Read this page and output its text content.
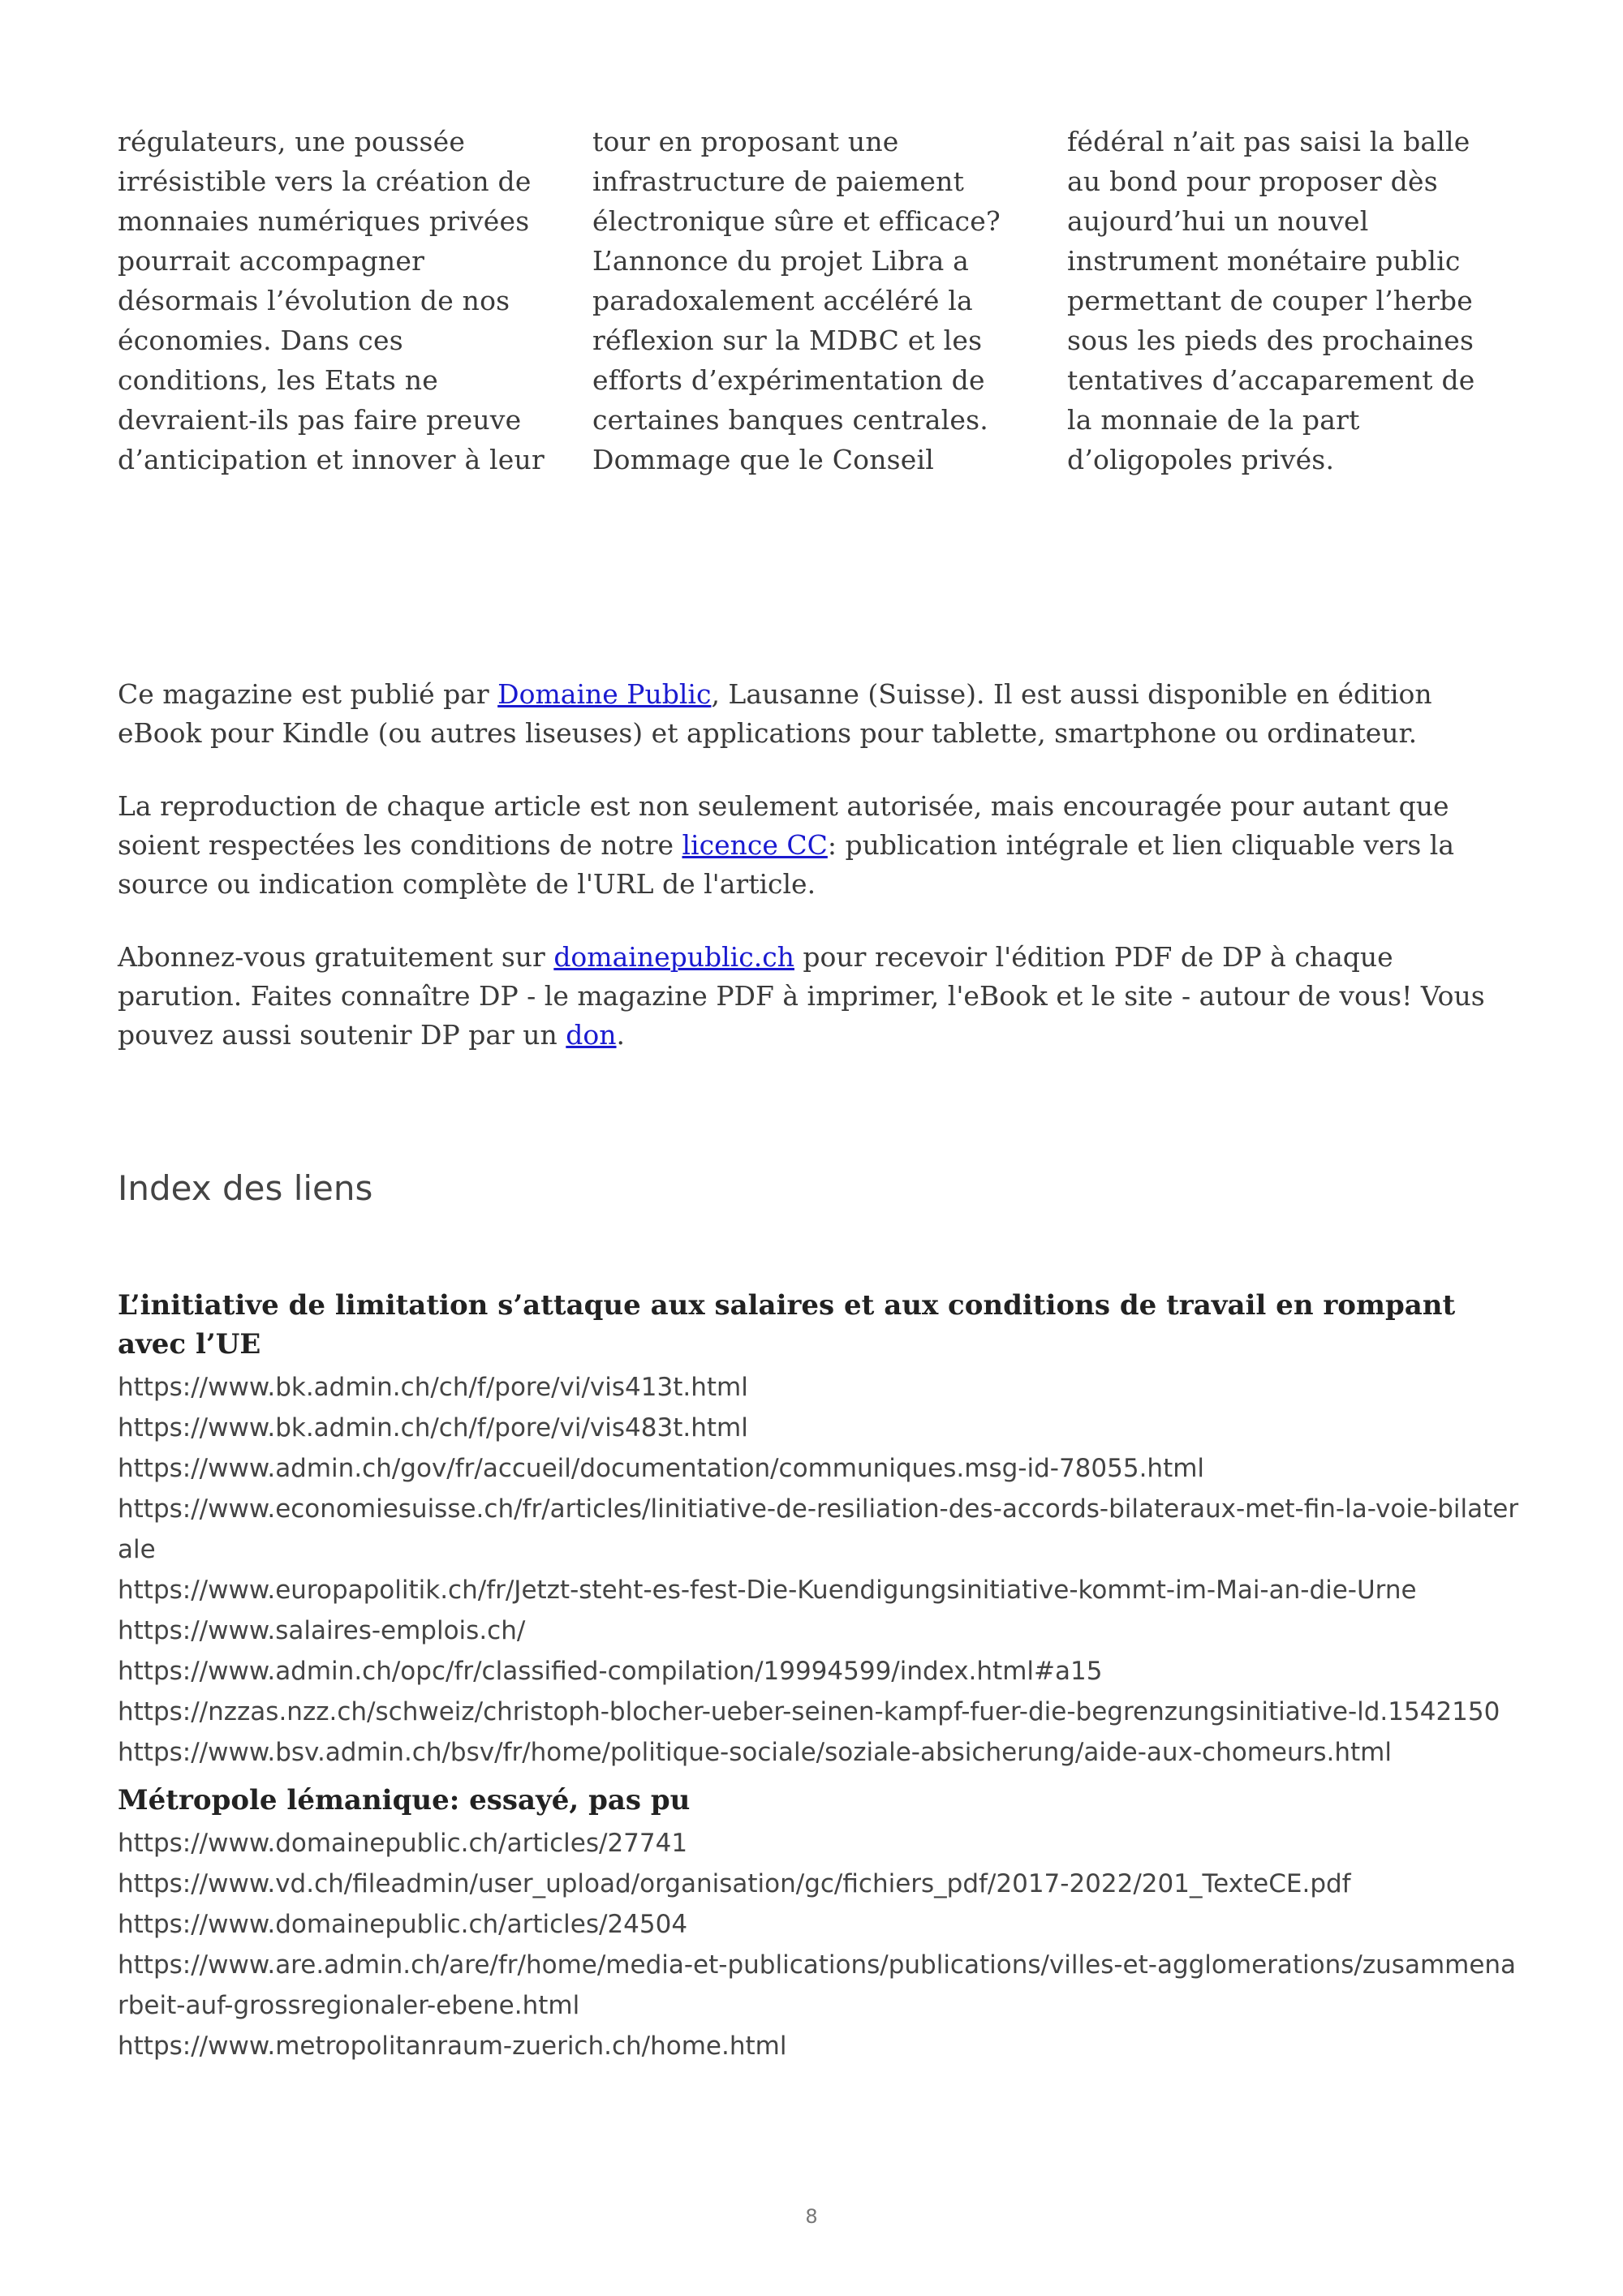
régulateurs, une poussée irrésistible vers la création de monnaies numériques privées pourrait accompagner désormais l’évolution de nos économies. Dans ces conditions, les Etats ne devraient-ils pas faire preuve d’anticipation et innover à leur
tour en proposant une infrastructure de paiement électronique sûre et efficace? L’annonce du projet Libra a paradoxalement accéléré la réflexion sur la MDBC et les efforts d’expérimentation de certaines banques centrales. Dommage que le Conseil
fédéral n’ait pas saisi la balle au bond pour proposer dès aujourd’hui un nouvel instrument monétaire public permettant de couper l’herbe sous les pieds des prochaines tentatives d’accaparement de la monnaie de la part d’oligopoles privés.

Ce magazine est publié par Domaine Public, Lausanne (Suisse). Il est aussi disponible en édition eBook pour Kindle (ou autres liseuses) et applications pour tablette, smartphone ou ordinateur.

La reproduction de chaque article est non seulement autorisée, mais encouragée pour autant que soient respectées les conditions de notre licence CC: publication intégrale et lien cliquable vers la source ou indication complète de l'URL de l'article.

Abonnez-vous gratuitement sur domainepublic.ch pour recevoir l'édition PDF de DP à chaque parution. Faites connaître DP - le magazine PDF à imprimer, l'eBook et le site - autour de vous! Vous pouvez aussi soutenir DP par un don.

Index des liens
L’initiative de limitation s’attaque aux salaires et aux conditions de travail en rompant avec l’UE
https://www.bk.admin.ch/ch/f/pore/vi/vis413t.html
https://www.bk.admin.ch/ch/f/pore/vi/vis483t.html
https://www.admin.ch/gov/fr/accueil/documentation/communiques.msg-id-78055.html
https://www.economiesuisse.ch/fr/articles/linitiative-de-resiliation-des-accords-bilateraux-met-fin-la-voie-bilaterale
https://www.europapolitik.ch/fr/Jetzt-steht-es-fest-Die-Kuendigungsinitiative-kommt-im-Mai-an-die-Urne
https://www.salaires-emplois.ch/
https://www.admin.ch/opc/fr/classified-compilation/19994599/index.html#a15
https://nzzas.nzz.ch/schweiz/christoph-blocher-ueber-seinen-kampf-fuer-die-begrenzungsinitiative-ld.1542150
https://www.bsv.admin.ch/bsv/fr/home/politique-sociale/soziale-absicherung/aide-aux-chomeurs.html
Métropole lémanique: essayé, pas pu
https://www.domainepublic.ch/articles/27741
https://www.vd.ch/fileadmin/user_upload/organisation/gc/fichiers_pdf/2017-2022/201_TexteCE.pdf
https://www.domainepublic.ch/articles/24504
https://www.are.admin.ch/are/fr/home/media-et-publications/publications/villes-et-agglomerations/zusammenarbeit-auf-grossregionaler-ebene.html
https://www.metropolitanraum-zuerich.ch/home.html
8
